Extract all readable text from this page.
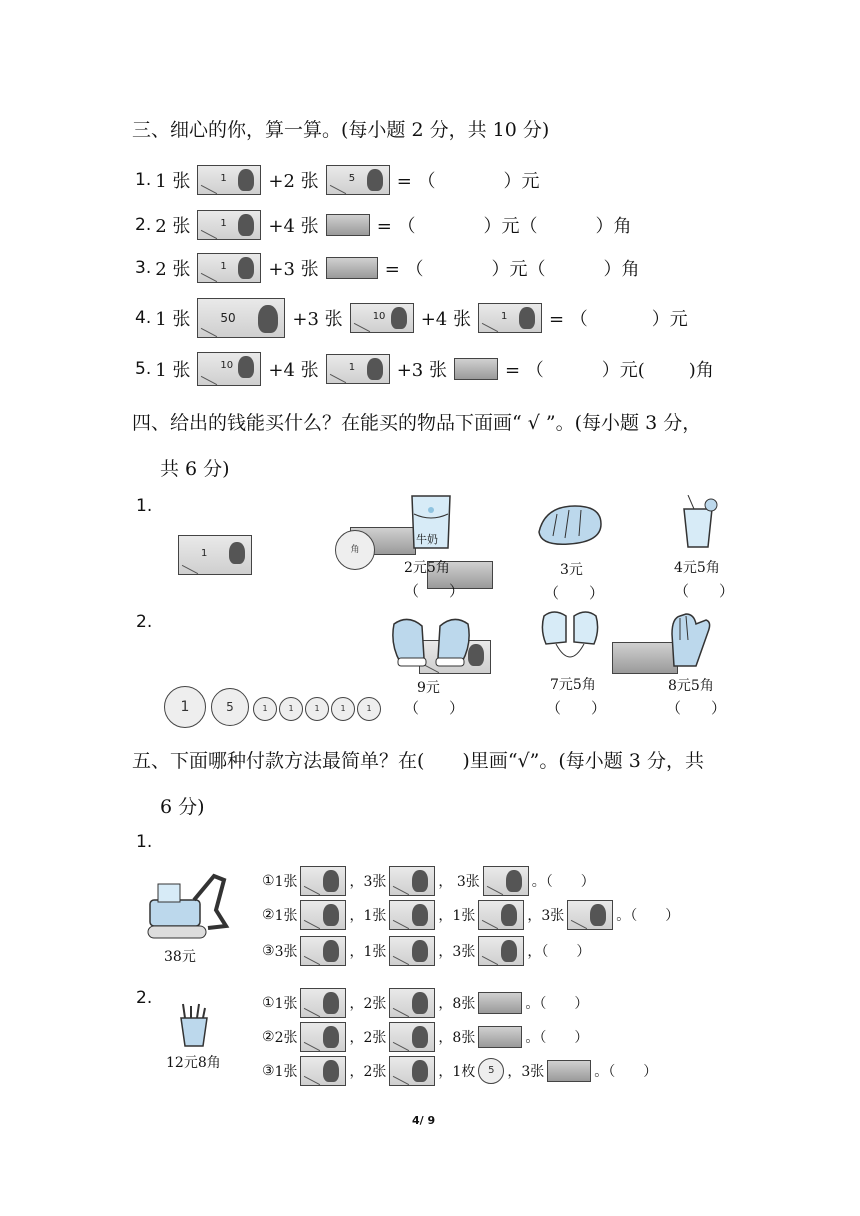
三、细心的你，算一算。(每小题 2 分，共 10 分)
1. 1 张	1 +2 张	5 = （	）元
2. 2 张	1 +4 张	= （	）元（	）角
3. 2 张	1 +3 张	= （	）元（	）角
4. 1 张	50	+3 张	10 +4 张	1 = （	）元
5. 1 张	10 +4 张	1 +3 张	= （	）元( )角
四、给出的钱能买什么？在能买的物品下面画“ √ ”。(每小题 3 分，
共 6 分)
1.
1
	角
牛奶
2元5角
（　　）
3元
（　　）
4元5角
（　　）
2.

1	5	1	1	1	1	1
9元
（　　）
7元5角
（　　）
8元5角
（　　）
五、下面哪种付款方法最简单？在(　　)里画“√”。(每小题 3 分，共
6 分)
1.
38元
① 1张	，3张	， 3张	。（　　）
② 1张	，1张	，1张	，3张	。（　　）
③ 3张	，1张	，3张	，（　　）
2.
12元8角
① 1张	，2张	，8张	。（　　）
② 2张	，2张	，8张	。（　　）
③ 1张	，2张	，1枚	5 ，3张	。（　　）
4/ 9
